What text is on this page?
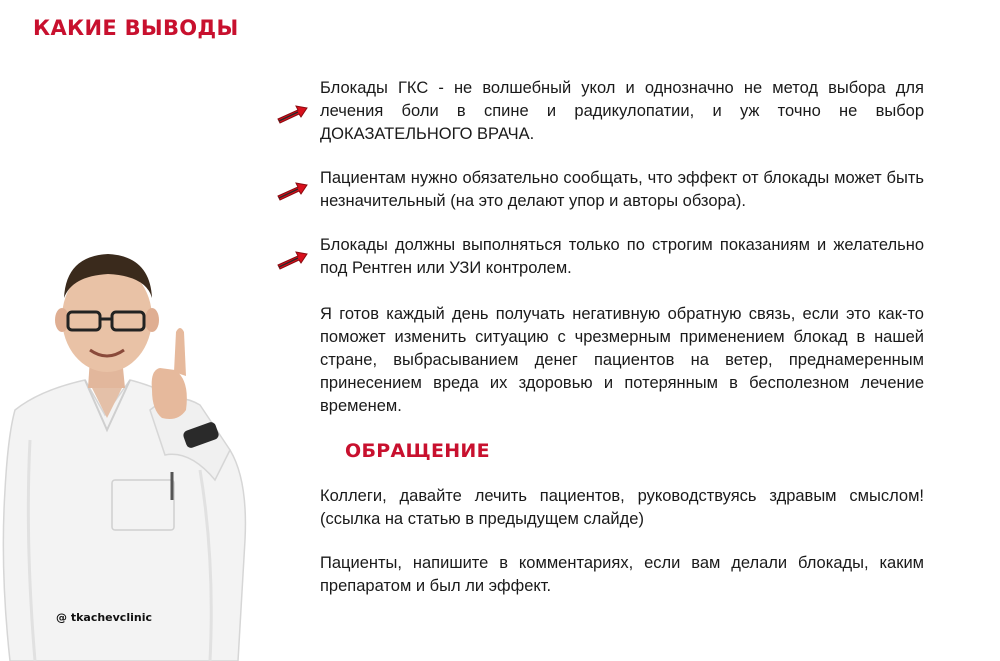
КАКИЕ ВЫВОДЫ

Блокады ГКС - не волшебный укол и однозначно не метод выбора для лечения боли в спине и радикулопатии, и уж точно не выбор ДОКАЗАТЕЛЬНОГО ВРАЧА.

Пациентам нужно обязательно сообщать, что эффект от блокады может быть незначительный (на это делают упор и авторы обзора).

Блокады должны выполняться только по строгим показаниям и желательно под Рентген или УЗИ контролем.

Я готов каждый день получать негативную обратную связь, если это как-то поможет изменить ситуацию с чрезмерным применением блокад в нашей стране, выбрасыванием денег пациентов на ветер, преднамеренным принесением вреда их здоровью и потерянным в бесполезном лечение временем.

ОБРАЩЕНИЕ

Коллеги, давайте лечить пациентов, руководствуясь здравым смыслом! (ссылка на статью в предыдущем слайде)

Пациенты, напишите в комментариях, если вам делали блокады, каким препаратом и был ли эффект.

@ tkachevclinic
